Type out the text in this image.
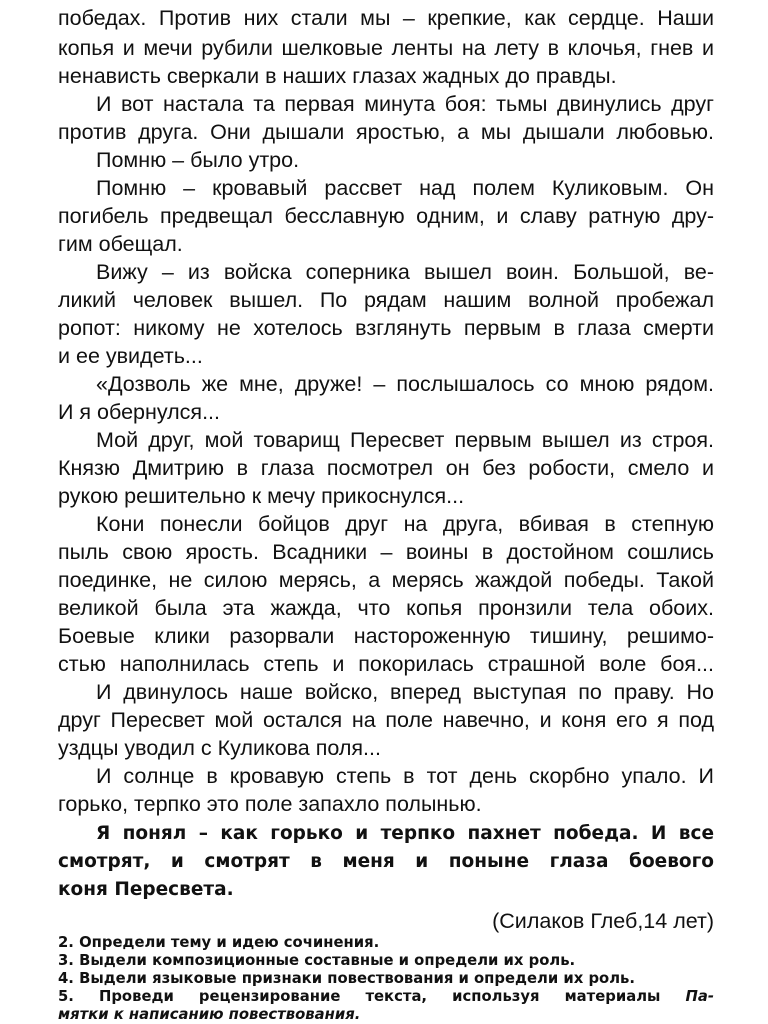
победах. Против них стали мы – крепкие, как сердце. Наши
копья и мечи рубили шелковые ленты на лету в клочья, гнев и
ненависть сверкали в наших глазах жадных до правды.
И вот настала та первая минута боя: тьмы двинулись друг
против друга. Они дышали яростью, а мы дышали любовью.
Помню – было утро.
Помню – кровавый рассвет над полем Куликовым. Он
погибель предвещал бесславную одним, и славу ратную дру-
гим обещал.
Вижу – из войска соперника вышел воин. Большой, ве-
ликий человек вышел. По рядам нашим волной пробежал
ропот: никому не хотелось взглянуть первым в глаза смерти
и ее увидеть...
«Дозволь же мне, друже! – послышалось со мною рядом.
И я обернулся...
Мой друг, мой товарищ Пересвет первым вышел из строя.
Князю Дмитрию в глаза посмотрел он без робости, смело и
рукою решительно к мечу прикоснулся...
Кони понесли бойцов друг на друга, вбивая в степную
пыль свою ярость. Всадники – воины в достойном сошлись
поединке, не силою мерясь, а мерясь жаждой победы. Такой
великой была эта жажда, что копья пронзили тела обоих.
Боевые клики разорвали настороженную тишину, решимо-
стью наполнилась степь и покорилась страшной воле боя...
И двинулось наше войско, вперед выступая по праву. Но
друг Пересвет мой остался на поле навечно, и коня его я под
уздцы уводил с Куликова поля...
И солнце в кровавую степь в тот день скорбно упало. И
горько, терпко это поле запахло полынью.
Я понял – как горько и терпко пахнет победа. И все
смотрят, и смотрят в меня и поныне глаза боевого
коня Пересвета.
(Силаков Глеб,14 лет)
2. Определи тему и идею сочинения.
3. Выдели композиционные составные и определи их роль.
4. Выдели языковые признаки повествования и определи их роль.
5. Проведи рецензирование текста, используя материалы Па-
мятки к написанию повествования.
